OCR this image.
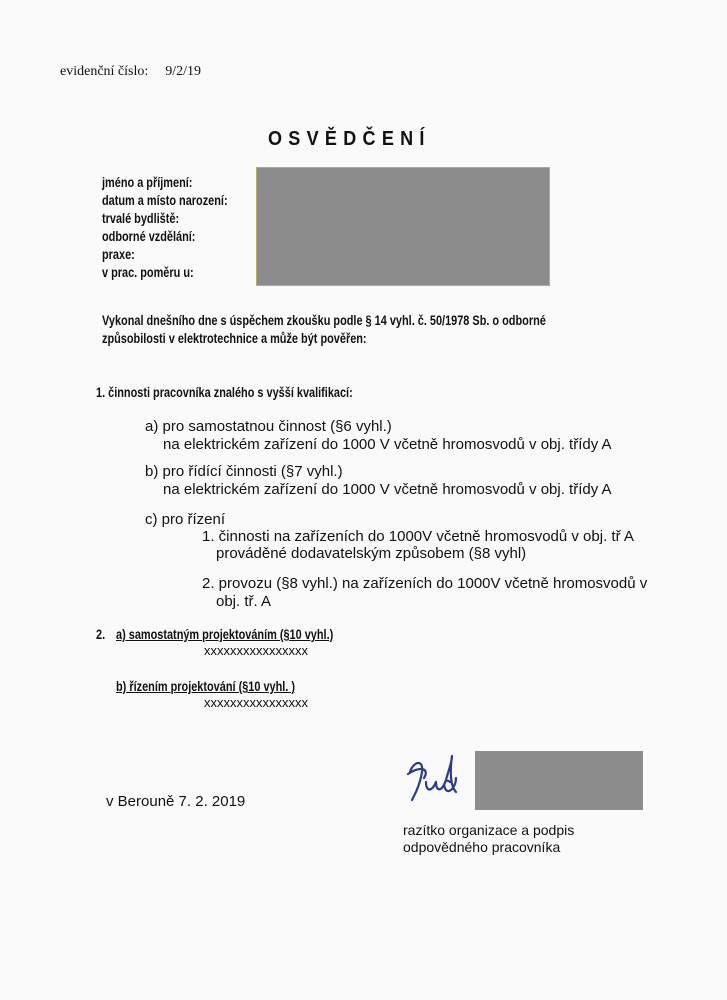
evidenční číslo: 9/2/19
OSVĚDČENÍ
jméno a příjmení:
datum a místo narození:
trvalé bydliště:
odborné vzdělání:
praxe:
v prac. poměru u:
Vykonal dnešního dne s úspěchem zkoušku podle § 14 vyhl. č. 50/1978 Sb. o odborné
způsobilosti v elektrotechnice a může být pověřen:
1. činnosti pracovníka znalého s vyšší kvalifikací:
a) pro samostatnou činnost (§6 vyhl.)
na elektrickém zařízení do 1000 V včetně hromosvodů v obj. třídy A
b) pro řídící činnosti (§7 vyhl.)
na elektrickém zařízení do 1000 V včetně hromosvodů v obj. třídy A
c) pro řízení
1. činnosti na zařízeních do 1000V včetně hromosvodů v obj. tř A
prováděné dodavatelským způsobem (§8 vyhl)
2. provozu (§8 vyhl.) na zařízeních do 1000V včetně hromosvodů v
obj. tř. A
2. a) samostatným projektováním (§10 vyhl.)
xxxxxxxxxxxxxxxx
b) řízením projektování (§10 vyhl. )
xxxxxxxxxxxxxxxx
v Berouně 7. 2. 2019
razítko organizace a podpis
odpovědného pracovníka
